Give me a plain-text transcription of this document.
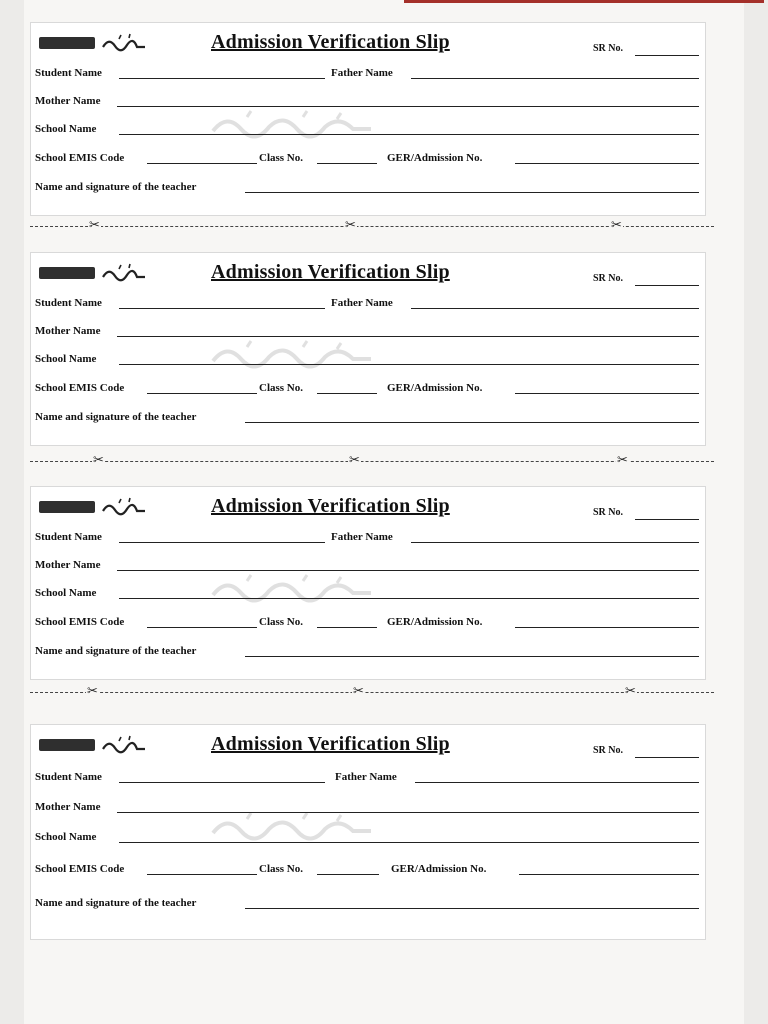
Admission Verification Slip	SR No.
Student Name	Father Name
Mother Name
School Name
School EMIS Code	Class No.	GER/Admission No.
Name and signature of the teacher
✂	✂	✂
Admission Verification Slip	SR No.
Student Name	Father Name
Mother Name
School Name
School EMIS Code	Class No.	GER/Admission No.
Name and signature of the teacher
✂	✂	✂
Admission Verification Slip	SR No.
Student Name	Father Name
Mother Name
School Name
School EMIS Code	Class No.	GER/Admission No.
Name and signature of the teacher
✂	✂	✂
Admission Verification Slip	SR No.
Student Name	Father Name
Mother Name
School Name
School EMIS Code	Class No.	GER/Admission No.
Name and signature of the teacher
